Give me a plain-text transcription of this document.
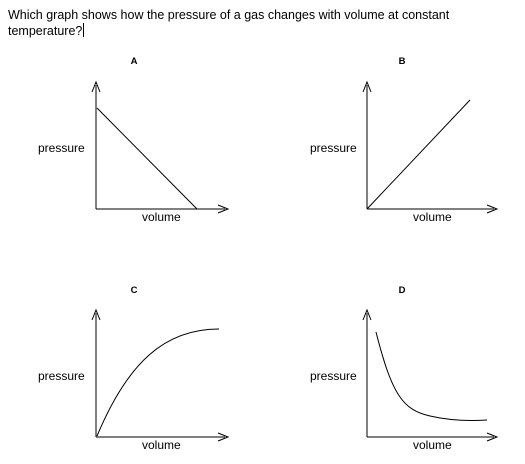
Which graph shows how the pressure of a gas changes with volume at constant temperature?
A
pressure
volume
B
pressure
volume
C
pressure
volume
D
pressure
volume
